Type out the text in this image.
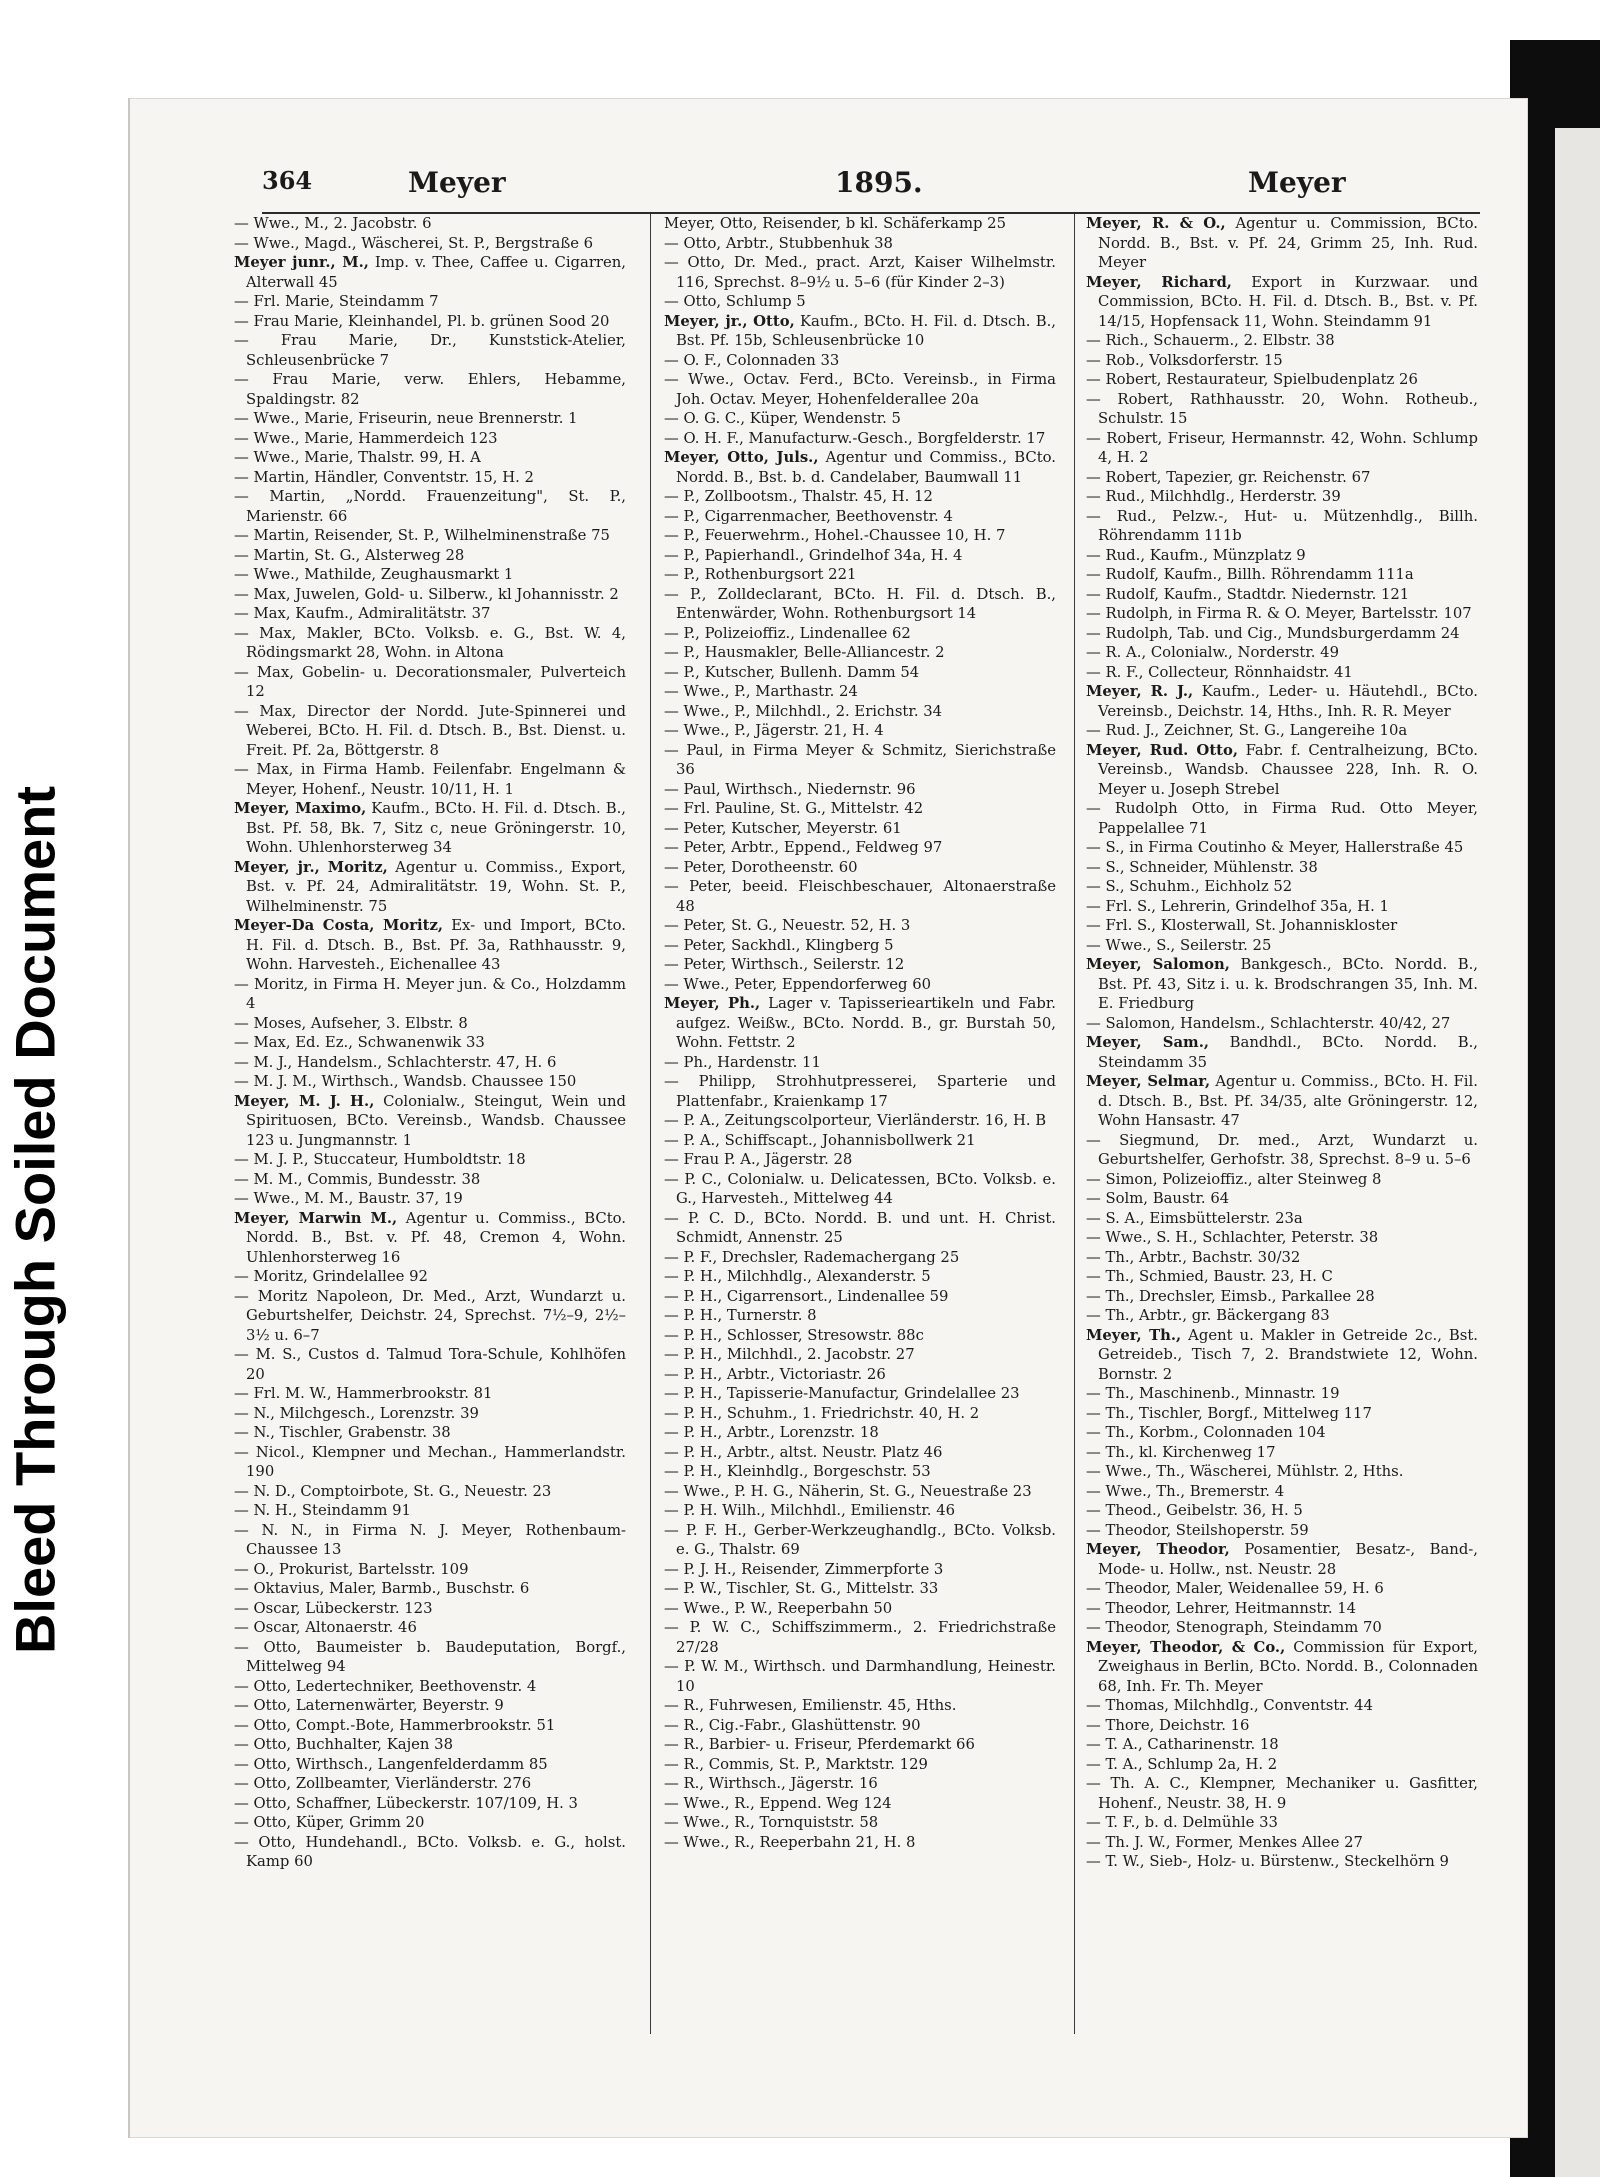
Bleed Through Soiled Document
364	Meyer	1895.	Meyer

— Wwe., M., 2. Jacobstr. 6

— Wwe., Magd., Wäscherei, St. P., Bergstraße 6

Meyer junr., M., Imp. v. Thee, Caffee u. Cigarren, Alterwall 45

— Frl. Marie, Steindamm 7

— Frau Marie, Kleinhandel, Pl. b. grünen Sood 20

— Frau Marie, Dr., Kunststick-Atelier, Schleusenbrücke 7

— Frau Marie, verw. Ehlers, Hebamme, Spaldingstr. 82

— Wwe., Marie, Friseurin, neue Brennerstr. 1

— Wwe., Marie, Hammerdeich 123

— Wwe., Marie, Thalstr. 99, H. A

— Martin, Händler, Conventstr. 15, H. 2

— Martin, „Nordd. Frauenzeitung", St. P., Marienstr. 66

— Martin, Reisender, St. P., Wilhelminenstraße 75

— Martin, St. G., Alsterweg 28

— Wwe., Mathilde, Zeughausmarkt 1

— Max, Juwelen, Gold- u. Silberw., kl Johannisstr. 2

— Max, Kaufm., Admiralitätstr. 37

— Max, Makler, BCto. Volksb. e. G., Bst. W. 4, Rödingsmarkt 28, Wohn. in Altona

— Max, Gobelin- u. Decorationsmaler, Pulverteich 12

— Max, Director der Nordd. Jute-Spinnerei und Weberei, BCto. H. Fil. d. Dtsch. B., Bst. Dienst. u. Freit. Pf. 2a, Böttgerstr. 8

— Max, in Firma Hamb. Feilenfabr. Engelmann & Meyer, Hohenf., Neustr. 10/11, H. 1

Meyer, Maximo, Kaufm., BCto. H. Fil. d. Dtsch. B., Bst. Pf. 58, Bk. 7, Sitz c, neue Gröningerstr. 10, Wohn. Uhlenhorsterweg 34

Meyer, jr., Moritz, Agentur u. Commiss., Export, Bst. v. Pf. 24, Admiralitätstr. 19, Wohn. St. P., Wilhelminenstr. 75

Meyer-Da Costa, Moritz, Ex- und Import, BCto. H. Fil. d. Dtsch. B., Bst. Pf. 3a, Rathhausstr. 9, Wohn. Harvesteh., Eichenallee 43

— Moritz, in Firma H. Meyer jun. & Co., Holzdamm 4

— Moses, Aufseher, 3. Elbstr. 8

— Max, Ed. Ez., Schwanenwik 33

— M. J., Handelsm., Schlachterstr. 47, H. 6

— M. J. M., Wirthsch., Wandsb. Chaussee 150

Meyer, M. J. H., Colonialw., Steingut, Wein und Spirituosen, BCto. Vereinsb., Wandsb. Chaussee 123 u. Jungmannstr. 1

— M. J. P., Stuccateur, Humboldtstr. 18

— M. M., Commis, Bundesstr. 38

— Wwe., M. M., Baustr. 37, 19

Meyer, Marwin M., Agentur u. Commiss., BCto. Nordd. B., Bst. v. Pf. 48, Cremon 4, Wohn. Uhlenhorsterweg 16

— Moritz, Grindelallee 92

— Moritz Napoleon, Dr. Med., Arzt, Wundarzt u. Geburtshelfer, Deichstr. 24, Sprechst. 7½–9, 2½–3½ u. 6–7

— M. S., Custos d. Talmud Tora-Schule, Kohlhöfen 20

— Frl. M. W., Hammerbrookstr. 81

— N., Milchgesch., Lorenzstr. 39

— N., Tischler, Grabenstr. 38

— Nicol., Klempner und Mechan., Hammerlandstr. 190

— N. D., Comptoirbote, St. G., Neuestr. 23

— N. H., Steindamm 91

— N. N., in Firma N. J. Meyer, Rothenbaum-Chaussee 13

— O., Prokurist, Bartelsstr. 109

— Oktavius, Maler, Barmb., Buschstr. 6

— Oscar, Lübeckerstr. 123

— Oscar, Altonaerstr. 46

— Otto, Baumeister b. Baudeputation, Borgf., Mittelweg 94

— Otto, Ledertechniker, Beethovenstr. 4

— Otto, Laternenwärter, Beyerstr. 9

— Otto, Compt.-Bote, Hammerbrookstr. 51

— Otto, Buchhalter, Kajen 38

— Otto, Wirthsch., Langenfelderdamm 85

— Otto, Zollbeamter, Vierländerstr. 276

— Otto, Schaffner, Lübeckerstr. 107/109, H. 3

— Otto, Küper, Grimm 20

— Otto, Hundehandl., BCto. Volksb. e. G., holst. Kamp 60

Meyer, Otto, Reisender, b kl. Schäferkamp 25

— Otto, Arbtr., Stubbenhuk 38

— Otto, Dr. Med., pract. Arzt, Kaiser Wilhelmstr. 116, Sprechst. 8–9½ u. 5–6 (für Kinder 2–3)

— Otto, Schlump 5

Meyer, jr., Otto, Kaufm., BCto. H. Fil. d. Dtsch. B., Bst. Pf. 15b, Schleusenbrücke 10

— O. F., Colonnaden 33

— Wwe., Octav. Ferd., BCto. Vereinsb., in Firma Joh. Octav. Meyer, Hohenfelderallee 20a

— O. G. C., Küper, Wendenstr. 5

— O. H. F., Manufacturw.-Gesch., Borgfelderstr. 17

Meyer, Otto, Juls., Agentur und Commiss., BCto. Nordd. B., Bst. b. d. Candelaber, Baumwall 11

— P., Zollbootsm., Thalstr. 45, H. 12

— P., Cigarrenmacher, Beethovenstr. 4

— P., Feuerwehrm., Hohel.-Chaussee 10, H. 7

— P., Papierhandl., Grindelhof 34a, H. 4

— P., Rothenburgsort 221

— P., Zolldeclarant, BCto. H. Fil. d. Dtsch. B., Entenwärder, Wohn. Rothenburgsort 14

— P., Polizeioffiz., Lindenallee 62

— P., Hausmakler, Belle-Alliancestr. 2

— P., Kutscher, Bullenh. Damm 54

— Wwe., P., Marthastr. 24

— Wwe., P., Milchhdl., 2. Erichstr. 34

— Wwe., P., Jägerstr. 21, H. 4

— Paul, in Firma Meyer & Schmitz, Sierichstraße 36

— Paul, Wirthsch., Niedernstr. 96

— Frl. Pauline, St. G., Mittelstr. 42

— Peter, Kutscher, Meyerstr. 61

— Peter, Arbtr., Eppend., Feldweg 97

— Peter, Dorotheenstr. 60

— Peter, beeid. Fleischbeschauer, Altonaerstraße 48

— Peter, St. G., Neuestr. 52, H. 3

— Peter, Sackhdl., Klingberg 5

— Peter, Wirthsch., Seilerstr. 12

— Wwe., Peter, Eppendorferweg 60

Meyer, Ph., Lager v. Tapisserieartikeln und Fabr. aufgez. Weißw., BCto. Nordd. B., gr. Burstah 50, Wohn. Fettstr. 2

— Ph., Hardenstr. 11

— Philipp, Strohhutpresserei, Sparterie und Plattenfabr., Kraienkamp 17

— P. A., Zeitungscolporteur, Vierländerstr. 16, H. B

— P. A., Schiffscapt., Johannisbollwerk 21

— Frau P. A., Jägerstr. 28

— P. C., Colonialw. u. Delicatessen, BCto. Volksb. e. G., Harvesteh., Mittelweg 44

— P. C. D., BCto. Nordd. B. und unt. H. Christ. Schmidt, Annenstr. 25

— P. F., Drechsler, Rademachergang 25

— P. H., Milchhdlg., Alexanderstr. 5

— P. H., Cigarrensort., Lindenallee 59

— P. H., Turnerstr. 8

— P. H., Schlosser, Stresowstr. 88c

— P. H., Milchhdl., 2. Jacobstr. 27

— P. H., Arbtr., Victoriastr. 26

— P. H., Tapisserie-Manufactur, Grindelallee 23

— P. H., Schuhm., 1. Friedrichstr. 40, H. 2

— P. H., Arbtr., Lorenzstr. 18

— P. H., Arbtr., altst. Neustr. Platz 46

— P. H., Kleinhdlg., Borgeschstr. 53

— Wwe., P. H. G., Näherin, St. G., Neuestraße 23

— P. H. Wilh., Milchhdl., Emilienstr. 46

— P. F. H., Gerber-Werkzeughandlg., BCto. Volksb. e. G., Thalstr. 69

— P. J. H., Reisender, Zimmerpforte 3

— P. W., Tischler, St. G., Mittelstr. 33

— Wwe., P. W., Reeperbahn 50

— P. W. C., Schiffszimmerm., 2. Friedrichstraße 27/28

— P. W. M., Wirthsch. und Darmhandlung, Heinestr. 10

— R., Fuhrwesen, Emilienstr. 45, Hths.

— R., Cig.-Fabr., Glashüttenstr. 90

— R., Barbier- u. Friseur, Pferdemarkt 66

— R., Commis, St. P., Marktstr. 129

— R., Wirthsch., Jägerstr. 16

— Wwe., R., Eppend. Weg 124

— Wwe., R., Tornquiststr. 58

— Wwe., R., Reeperbahn 21, H. 8

Meyer, R. & O., Agentur u. Commission, BCto. Nordd. B., Bst. v. Pf. 24, Grimm 25, Inh. Rud. Meyer

Meyer, Richard, Export in Kurzwaar. und Commission, BCto. H. Fil. d. Dtsch. B., Bst. v. Pf. 14/15, Hopfensack 11, Wohn. Steindamm 91

— Rich., Schauerm., 2. Elbstr. 38

— Rob., Volksdorferstr. 15

— Robert, Restaurateur, Spielbudenplatz 26

— Robert, Rathhausstr. 20, Wohn. Rotheub., Schulstr. 15

— Robert, Friseur, Hermannstr. 42, Wohn. Schlump 4, H. 2

— Robert, Tapezier, gr. Reichenstr. 67

— Rud., Milchhdlg., Herderstr. 39

— Rud., Pelzw.-, Hut- u. Mützenhdlg., Billh. Röhrendamm 111b

— Rud., Kaufm., Münzplatz 9

— Rudolf, Kaufm., Billh. Röhrendamm 111a

— Rudolf, Kaufm., Stadtdr. Niedernstr. 121

— Rudolph, in Firma R. & O. Meyer, Bartelsstr. 107

— Rudolph, Tab. und Cig., Mundsburgerdamm 24

— R. A., Colonialw., Norderstr. 49

— R. F., Collecteur, Rönnhaidstr. 41

Meyer, R. J., Kaufm., Leder- u. Häutehdl., BCto. Vereinsb., Deichstr. 14, Hths., Inh. R. R. Meyer

— Rud. J., Zeichner, St. G., Langereihe 10a

Meyer, Rud. Otto, Fabr. f. Centralheizung, BCto. Vereinsb., Wandsb. Chaussee 228, Inh. R. O. Meyer u. Joseph Strebel

— Rudolph Otto, in Firma Rud. Otto Meyer, Pappelallee 71

— S., in Firma Coutinho & Meyer, Hallerstraße 45

— S., Schneider, Mühlenstr. 38

— S., Schuhm., Eichholz 52

— Frl. S., Lehrerin, Grindelhof 35a, H. 1

— Frl. S., Klosterwall, St. Johanniskloster

— Wwe., S., Seilerstr. 25

Meyer, Salomon, Bankgesch., BCto. Nordd. B., Bst. Pf. 43, Sitz i. u. k. Brodschrangen 35, Inh. M. E. Friedburg

— Salomon, Handelsm., Schlachterstr. 40/42, 27

Meyer, Sam., Bandhdl., BCto. Nordd. B., Steindamm 35

Meyer, Selmar, Agentur u. Commiss., BCto. H. Fil. d. Dtsch. B., Bst. Pf. 34/35, alte Gröningerstr. 12, Wohn Hansastr. 47

— Siegmund, Dr. med., Arzt, Wundarzt u. Geburtshelfer, Gerhofstr. 38, Sprechst. 8–9 u. 5–6

— Simon, Polizeioffiz., alter Steinweg 8

— Solm, Baustr. 64

— S. A., Eimsbüttelerstr. 23a

— Wwe., S. H., Schlachter, Peterstr. 38

— Th., Arbtr., Bachstr. 30/32

— Th., Schmied, Baustr. 23, H. C

— Th., Drechsler, Eimsb., Parkallee 28

— Th., Arbtr., gr. Bäckergang 83

Meyer, Th., Agent u. Makler in Getreide 2c., Bst. Getreideb., Tisch 7, 2. Brandstwiete 12, Wohn. Bornstr. 2

— Th., Maschinenb., Minnastr. 19

— Th., Tischler, Borgf., Mittelweg 117

— Th., Korbm., Colonnaden 104

— Th., kl. Kirchenweg 17

— Wwe., Th., Wäscherei, Mühlstr. 2, Hths.

— Wwe., Th., Bremerstr. 4

— Theod., Geibelstr. 36, H. 5

— Theodor, Steilshoperstr. 59

Meyer, Theodor, Posamentier, Besatz-, Band-, Mode- u. Hollw., nst. Neustr. 28

— Theodor, Maler, Weidenallee 59, H. 6

— Theodor, Lehrer, Heitmannstr. 14

— Theodor, Stenograph, Steindamm 70

Meyer, Theodor, & Co., Commission für Export, Zweighaus in Berlin, BCto. Nordd. B., Colonnaden 68, Inh. Fr. Th. Meyer

— Thomas, Milchhdlg., Conventstr. 44

— Thore, Deichstr. 16

— T. A., Catharinenstr. 18

— T. A., Schlump 2a, H. 2

— Th. A. C., Klempner, Mechaniker u. Gasfitter, Hohenf., Neustr. 38, H. 9

— T. F., b. d. Delmühle 33

— Th. J. W., Former, Menkes Allee 27

— T. W., Sieb-, Holz- u. Bürstenw., Steckelhörn 9
